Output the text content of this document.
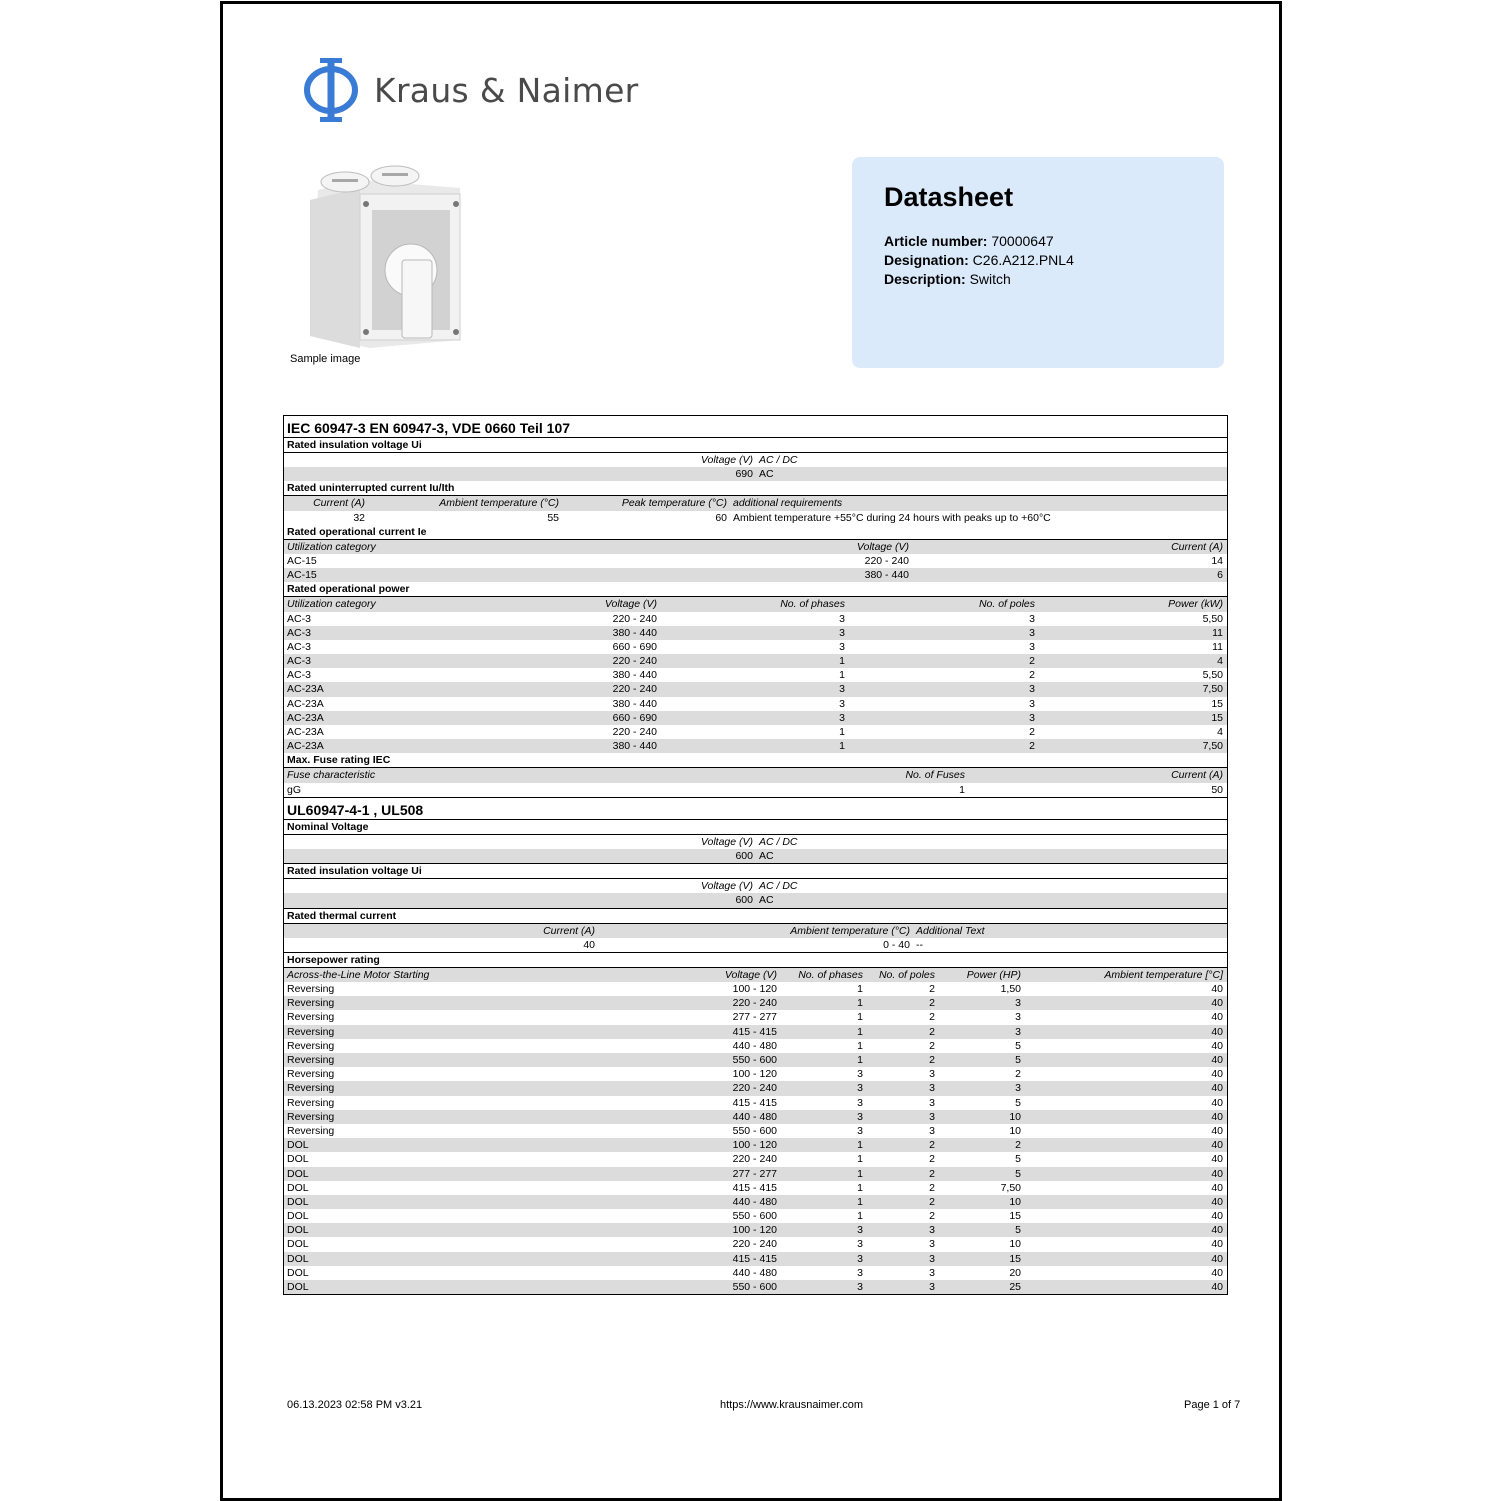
Kraus & Naimer
Sample image
Datasheet
Article number: 70000647
Designation: C26.A212.PNL4
Description: Switch
IEC 60947-3 EN 60947-3, VDE 0660 Teil 107
Rated insulation voltage Ui
Voltage (V) AC / DC
690 AC
Rated uninterrupted current Iu/Ith
Current (A)	Ambient temperature (°C)	Peak temperature (°C) additional requirements
32	55	60 Ambient temperature +55°C during 24 hours with peaks up to +60°C
Rated operational current Ie
Utilization category	Voltage (V)	Current (A)
AC-15	220 - 240	14
AC-15	380 - 440	6
Rated operational power
Utilization category	Voltage (V)	No. of phases	No. of poles	Power (kW)
AC-3	220 - 240	3	3	5,50
AC-3	380 - 440	3	3	11
AC-3	660 - 690	3	3	11
AC-3	220 - 240	1	2	4
AC-3	380 - 440	1	2	5,50
AC-23A	220 - 240	3	3	7,50
AC-23A	380 - 440	3	3	15
AC-23A	660 - 690	3	3	15
AC-23A	220 - 240	1	2	4
AC-23A	380 - 440	1	2	7,50
Max. Fuse rating IEC
Fuse characteristic	No. of Fuses	Current (A)
gG	1	50
UL60947-4-1 , UL508
Nominal Voltage
Voltage (V) AC / DC
600 AC
Rated insulation voltage Ui
Voltage (V) AC / DC
600 AC
Rated thermal current
Current (A)	Ambient temperature (°C) Additional Text
40	0 - 40 --
Horsepower rating
Across-the-Line Motor Starting	Voltage (V)	No. of phases	No. of poles	Power (HP)	Ambient temperature [°C]
Reversing	100 - 120	1	2	1,50	40
Reversing	220 - 240	1	2	3	40
Reversing	277 - 277	1	2	3	40
Reversing	415 - 415	1	2	3	40
Reversing	440 - 480	1	2	5	40
Reversing	550 - 600	1	2	5	40
Reversing	100 - 120	3	3	2	40
Reversing	220 - 240	3	3	3	40
Reversing	415 - 415	3	3	5	40
Reversing	440 - 480	3	3	10	40
Reversing	550 - 600	3	3	10	40
DOL	100 - 120	1	2	2	40
DOL	220 - 240	1	2	5	40
DOL	277 - 277	1	2	5	40
DOL	415 - 415	1	2	7,50	40
DOL	440 - 480	1	2	10	40
DOL	550 - 600	1	2	15	40
DOL	100 - 120	3	3	5	40
DOL	220 - 240	3	3	10	40
DOL	415 - 415	3	3	15	40
DOL	440 - 480	3	3	20	40
DOL	550 - 600	3	3	25	40
06.13.2023 02:58 PM v3.21	https://www.krausnaimer.com	Page 1 of 7
